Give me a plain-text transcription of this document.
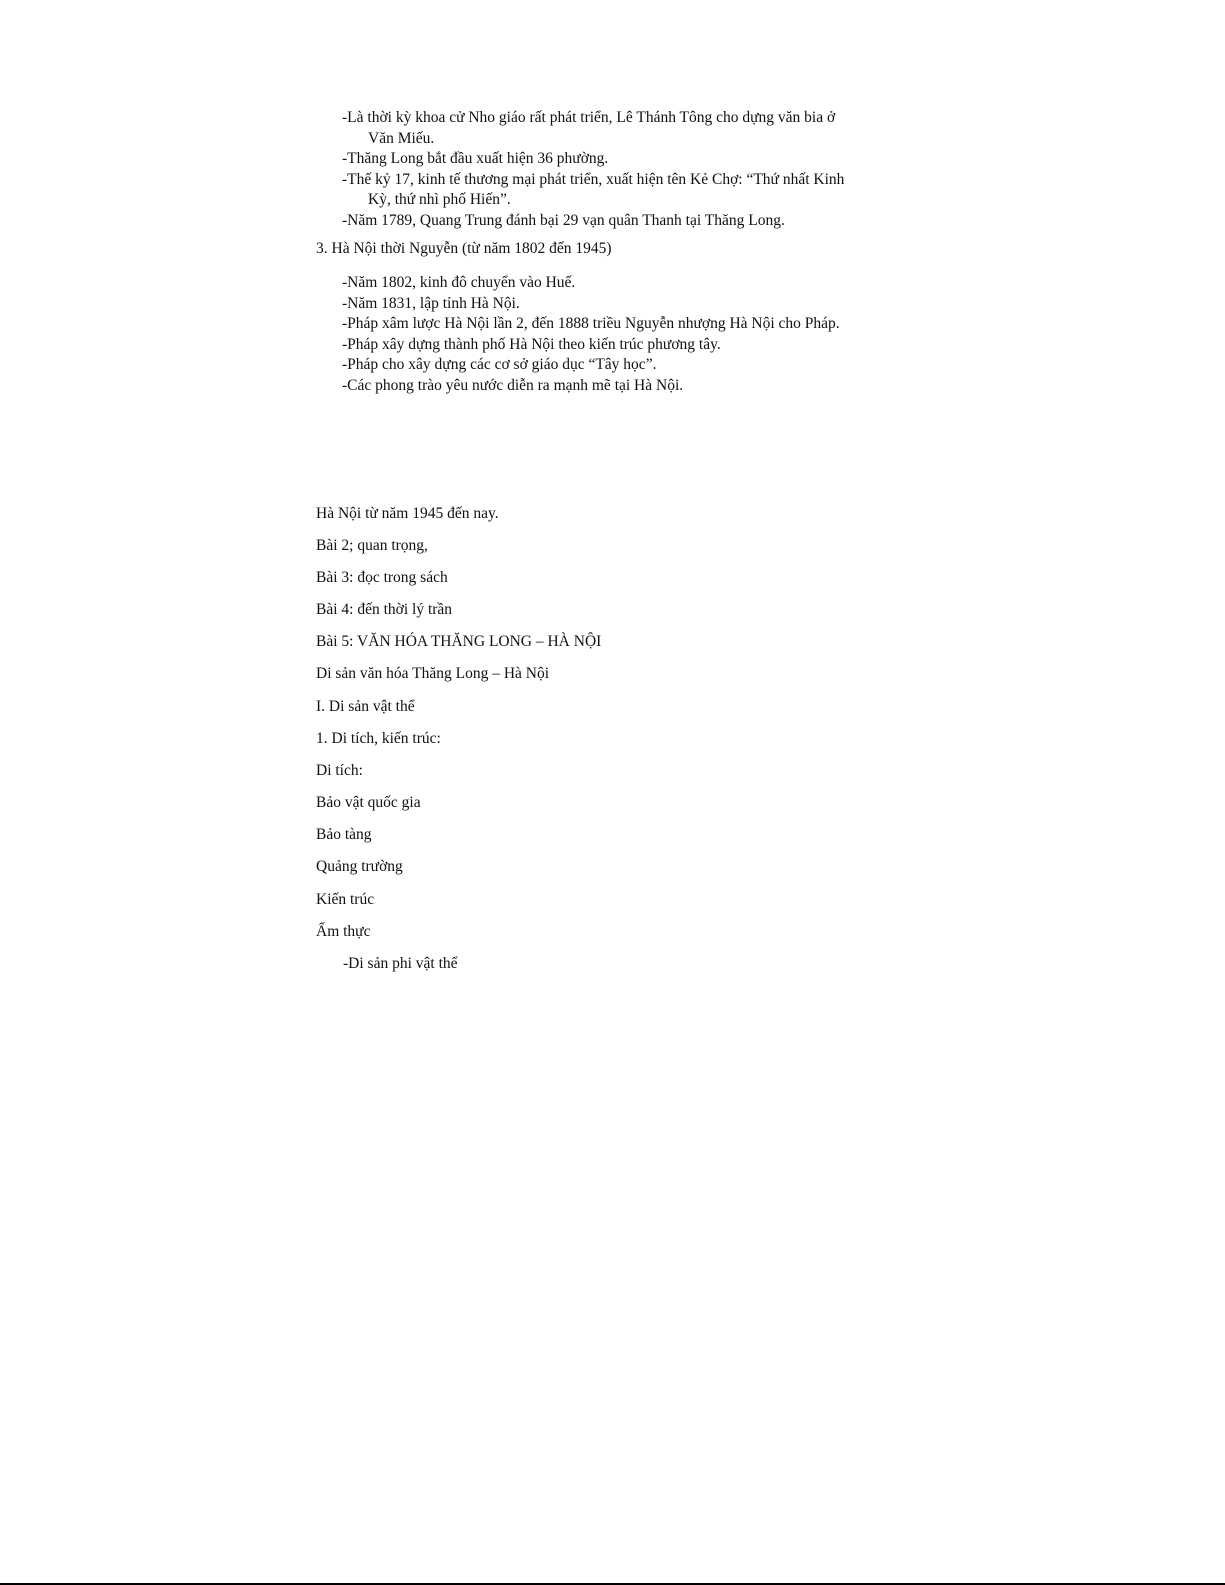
-Là thời kỳ khoa cử Nho giáo rất phát triển, Lê Thánh Tông cho dựng văn bia ở
Văn Miếu.
-Thăng Long bắt đầu xuất hiện 36 phường.
-Thế kỷ 17, kinh tế thương mại phát triển, xuất hiện tên Kẻ Chợ: “Thứ nhất Kinh
Kỳ, thứ nhì phố Hiến”.
-Năm 1789, Quang Trung đánh bại 29 vạn quân Thanh tại Thăng Long.
3. Hà Nội thời Nguyễn (từ năm 1802 đến 1945)
-Năm 1802, kinh đô chuyển vào Huế.
-Năm 1831, lập tỉnh Hà Nội.
-Pháp xâm lược Hà Nội lần 2, đến 1888 triều Nguyễn nhượng Hà Nội cho Pháp.
-Pháp xây dựng thành phố Hà Nội theo kiến trúc phương tây.
-Pháp cho xây dựng các cơ sở giáo dục “Tây học”.
-Các phong trào yêu nước diễn ra mạnh mẽ tại Hà Nội.
Hà Nội từ năm 1945 đến nay.
Bài 2; quan trọng,
Bài 3: đọc trong sách
Bài 4: đến thời lý trần
Bài 5: VĂN HÓA THĂNG LONG – HÀ NỘI
Di sản văn hóa Thăng Long – Hà Nội
I. Di sản vật thể
1. Di tích, kiến trúc:
Di tích:
Bảo vật quốc gia
Bảo tàng
Quảng trường
Kiến trúc
Ẩm thực
-Di sản phi vật thể
